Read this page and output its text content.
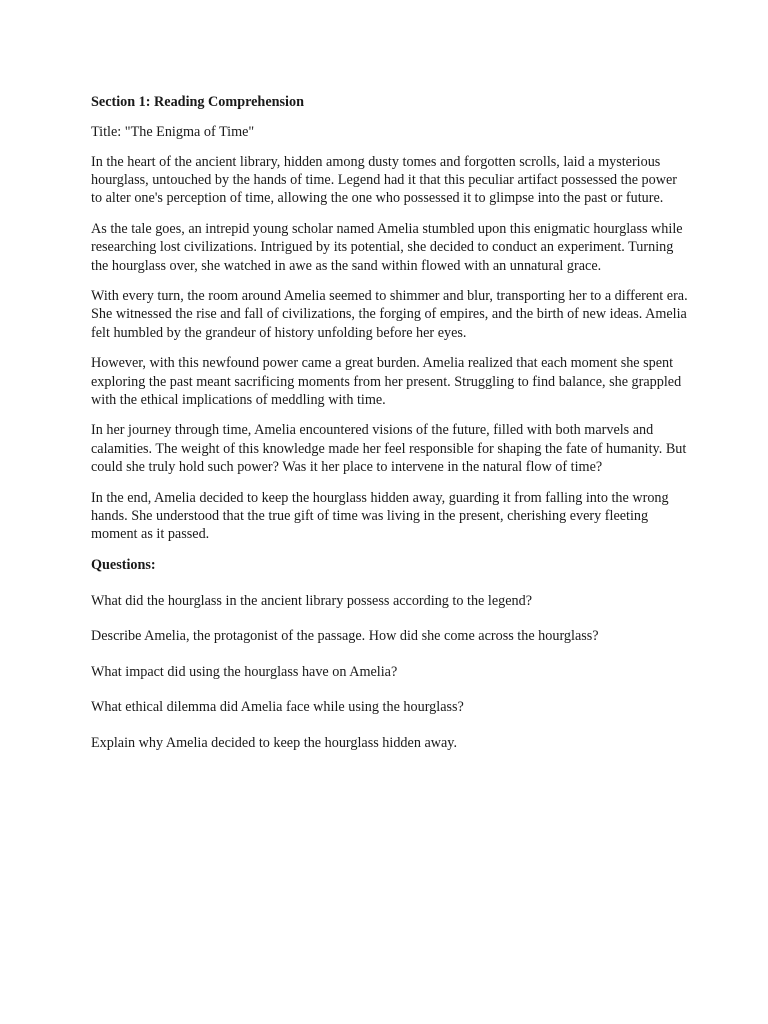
Section 1: Reading Comprehension
Title: "The Enigma of Time"

In the heart of the ancient library, hidden among dusty tomes and forgotten scrolls, laid a mysterious hourglass, untouched by the hands of time. Legend had it that this peculiar artifact possessed the power to alter one's perception of time, allowing the one who possessed it to glimpse into the past or future.

As the tale goes, an intrepid young scholar named Amelia stumbled upon this enigmatic hourglass while researching lost civilizations. Intrigued by its potential, she decided to conduct an experiment. Turning the hourglass over, she watched in awe as the sand within flowed with an unnatural grace.

With every turn, the room around Amelia seemed to shimmer and blur, transporting her to a different era. She witnessed the rise and fall of civilizations, the forging of empires, and the birth of new ideas. Amelia felt humbled by the grandeur of history unfolding before her eyes.

However, with this newfound power came a great burden. Amelia realized that each moment she spent exploring the past meant sacrificing moments from her present. Struggling to find balance, she grappled with the ethical implications of meddling with time.

In her journey through time, Amelia encountered visions of the future, filled with both marvels and calamities. The weight of this knowledge made her feel responsible for shaping the fate of humanity. But could she truly hold such power? Was it her place to intervene in the natural flow of time?

In the end, Amelia decided to keep the hourglass hidden away, guarding it from falling into the wrong hands. She understood that the true gift of time was living in the present, cherishing every fleeting moment as it passed.

Questions:

What did the hourglass in the ancient library possess according to the legend?

Describe Amelia, the protagonist of the passage. How did she come across the hourglass?

What impact did using the hourglass have on Amelia?

What ethical dilemma did Amelia face while using the hourglass?

Explain why Amelia decided to keep the hourglass hidden away.
